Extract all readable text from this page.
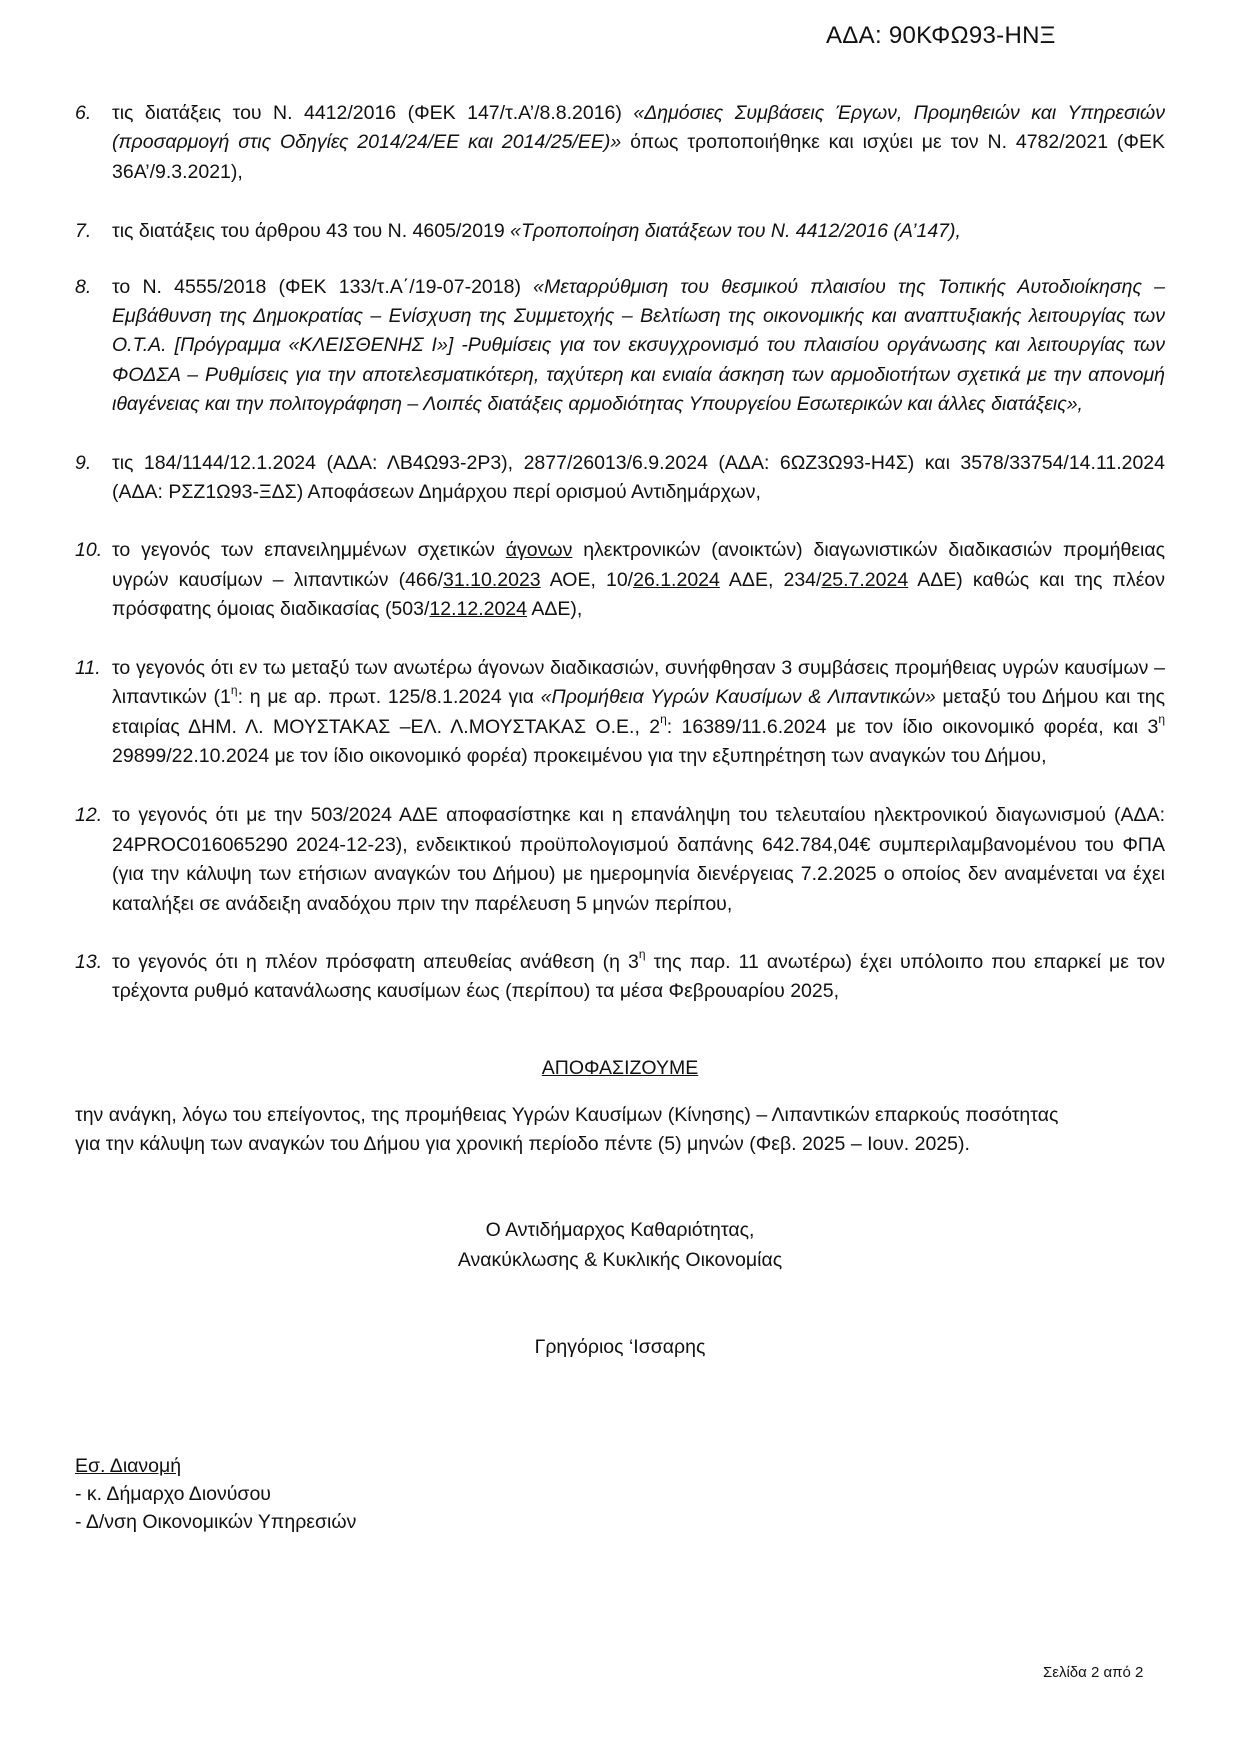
ΑΔΑ: 90ΚΦΩ93-ΗΝΞ
6. τις διατάξεις του Ν. 4412/2016 (ΦΕΚ 147/τ.Α’/8.8.2016) «Δημόσιες Συμβάσεις Έργων, Προμηθειών και Υπηρεσιών (προσαρμογή στις Οδηγίες 2014/24/ΕΕ και 2014/25/ΕΕ)» όπως τροποποιήθηκε και ισχύει με τον Ν. 4782/2021 (ΦΕΚ 36Α’/9.3.2021),
7. τις διατάξεις του άρθρου 43 του Ν. 4605/2019 «Τροποποίηση διατάξεων του Ν. 4412/2016 (Α’147),
8. το Ν. 4555/2018 (ΦΕΚ 133/τ.Α΄/19-07-2018) «Μεταρρύθμιση του θεσμικού πλαισίου της Τοπικής Αυτοδιοίκησης – Εμβάθυνση της Δημοκρατίας – Ενίσχυση της Συμμετοχής – Βελτίωση της οικονομικής και αναπτυξιακής λειτουργίας των Ο.Τ.Α. [Πρόγραμμα «ΚΛΕΙΣΘΕΝΗΣ Ι»] -Ρυθμίσεις για τον εκσυγχρονισμό του πλαισίου οργάνωσης και λειτουργίας των ΦΟΔΣΑ – Ρυθμίσεις για την αποτελεσματικότερη, ταχύτερη και ενιαία άσκηση των αρμοδιοτήτων σχετικά με την απονομή ιθαγένειας και την πολιτογράφηση – Λοιπές διατάξεις αρμοδιότητας Υπουργείου Εσωτερικών και άλλες διατάξεις»,
9. τις 184/1144/12.1.2024 (ΑΔΑ: ΛΒ4Ω93-2Ρ3), 2877/26013/6.9.2024 (ΑΔΑ: 6ΩΖ3Ω93-Η4Σ) και 3578/33754/14.11.2024 (ΑΔΑ: ΡΣΖ1Ω93-ΞΔΣ) Αποφάσεων Δημάρχου περί ορισμού Αντιδημάρχων,
10. το γεγονός των επανειλημμένων σχετικών άγονων ηλεκτρονικών (ανοικτών) διαγωνιστικών διαδικασιών προμήθειας υγρών καυσίμων – λιπαντικών (466/31.10.2023 ΑΟΕ, 10/26.1.2024 ΑΔΕ, 234/25.7.2024 ΑΔΕ) καθώς και της πλέον πρόσφατης όμοιας διαδικασίας (503/12.12.2024 ΑΔΕ),
11. το γεγονός ότι εν τω μεταξύ των ανωτέρω άγονων διαδικασιών, συνήφθησαν 3 συμβάσεις προμήθειας υγρών καυσίμων – λιπαντικών ($1^\eta$: η με αρ. πρωτ. 125/8.1.2024 για «Προμήθεια Υγρών Καυσίμων & Λιπαντικών» μεταξύ του Δήμου και της εταιρίας ΔΗΜ. Λ. ΜΟΥΣΤΑΚΑΣ –ΕΛ. Λ.ΜΟΥΣΤΑΚΑΣ Ο.Ε., $2^\eta$: 16389/11.6.2024 με τον ίδιο οικονομικό φορέα, και $3^\eta$ 29899/22.10.2024 με τον ίδιο οικονομικό φορέα) προκειμένου για την εξυπηρέτηση των αναγκών του Δήμου,
12. το γεγονός ότι με την 503/2024 ΑΔΕ αποφασίστηκε και η επανάληψη του τελευταίου ηλεκτρονικού διαγωνισμού (ΑΔΑ: 24PROC016065290 2024-12-23), ενδεικτικού προϋπολογισμού δαπάνης 642.784,04€ συμπεριλαμβανομένου του ΦΠΑ (για την κάλυψη των ετήσιων αναγκών του Δήμου) με ημερομηνία διενέργειας 7.2.2025 ο οποίος δεν αναμένεται να έχει καταλήξει σε ανάδειξη αναδόχου πριν την παρέλευση 5 μηνών περίπου,
13. το γεγονός ότι η πλέον πρόσφατη απευθείας ανάθεση (η $3^\eta$ της παρ. 11 ανωτέρω) έχει υπόλοιπο που επαρκεί με τον τρέχοντα ρυθμό κατανάλωσης καυσίμων έως (περίπου) τα μέσα Φεβρουαρίου 2025,
ΑΠΟΦΑΣΙΖΟΥΜΕ
την ανάγκη, λόγω του επείγοντος, της προμήθειας Υγρών Καυσίμων (Κίνησης) – Λιπαντικών επαρκούς ποσότητας
για την κάλυψη των αναγκών του Δήμου για χρονική περίοδο πέντε (5) μηνών (Φεβ. 2025 – Ιουν. 2025).
Ο Αντιδήμαρχος Καθαριότητας,
Ανακύκλωσης & Κυκλικής Οικονομίας
Γρηγόριος ‘Ισσαρης
Εσ. Διανομή
- κ. Δήμαρχο Διονύσου
- Δ/νση Οικονομικών Υπηρεσιών
Σελίδα 2 από 2
